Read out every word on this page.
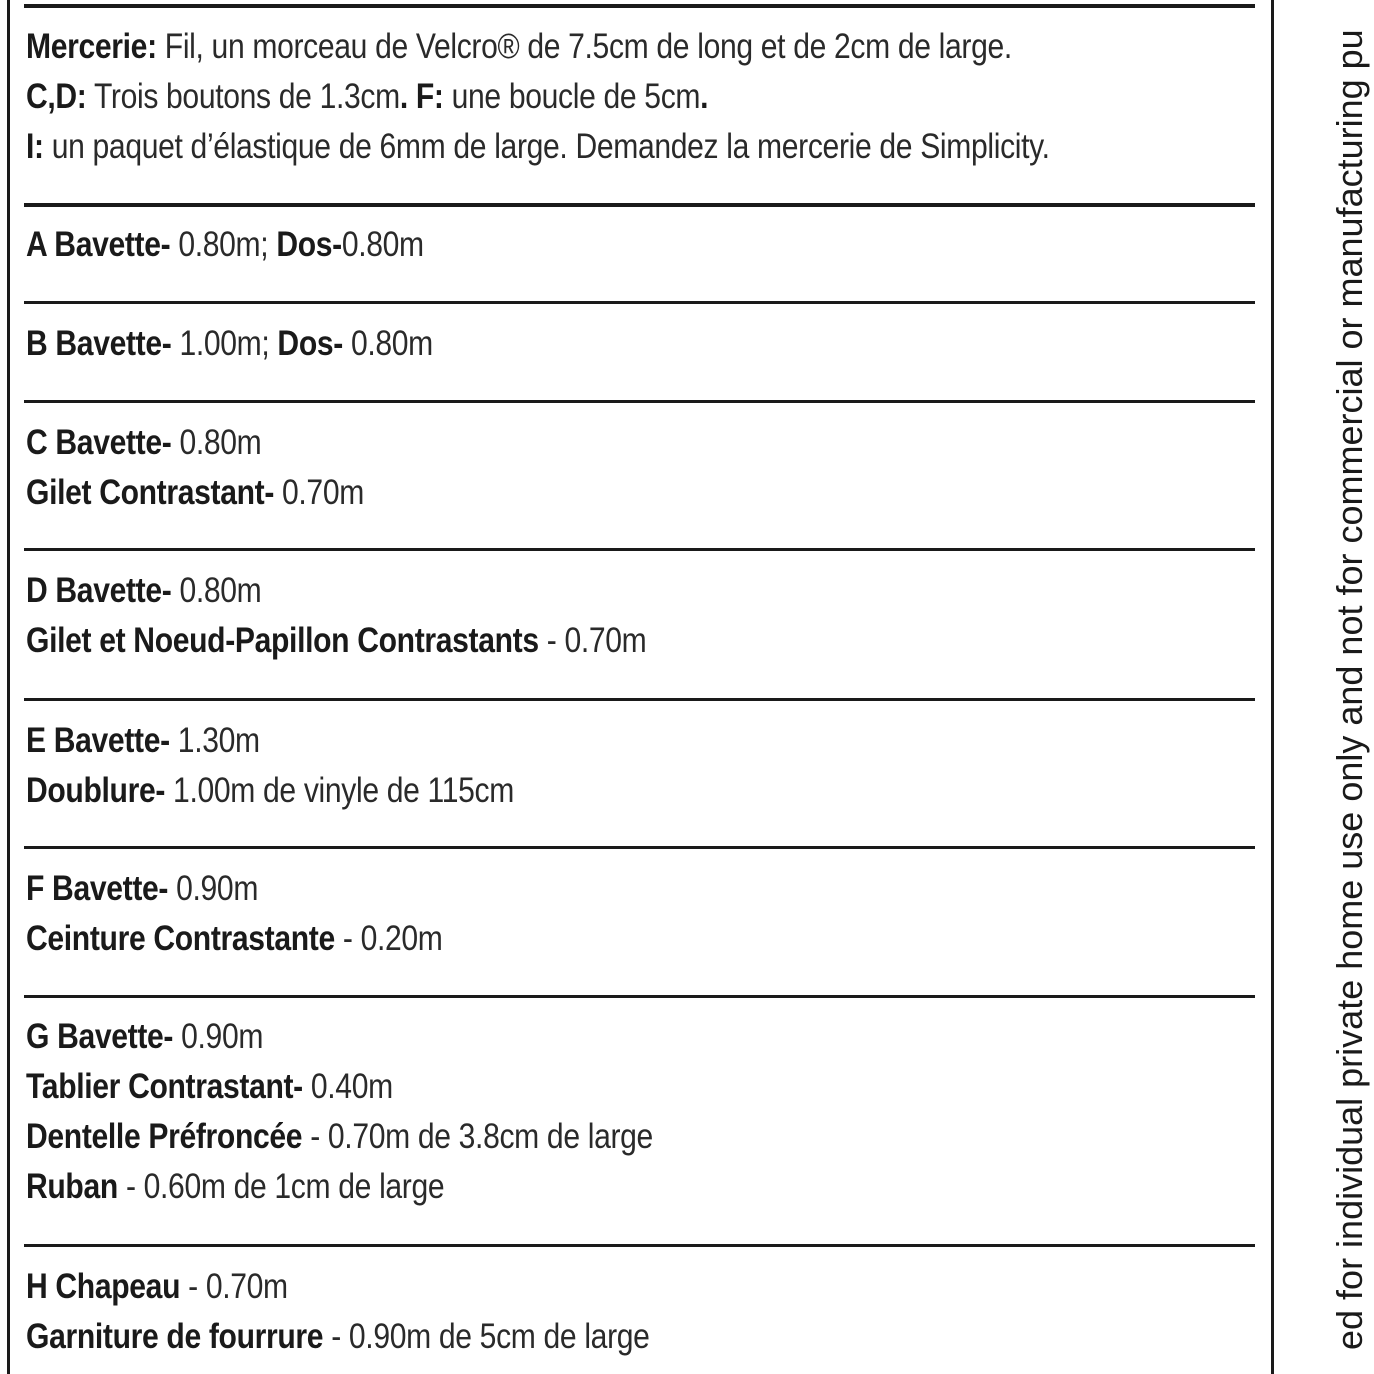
Mercerie: Fil, un morceau de Velcro® de 7.5cm de long et de 2cm de large.
C,D: Trois boutons de 1.3cm. F: une boucle de 5cm.
I: un paquet d’élastique de 6mm de large. Demandez la mercerie de Simplicity.
A Bavette- 0.80m; Dos-0.80m
B Bavette- 1.00m; Dos- 0.80m
C Bavette- 0.80m
Gilet Contrastant- 0.70m
D Bavette- 0.80m
Gilet et Noeud-Papillon Contrastants - 0.70m
E Bavette- 1.30m
Doublure- 1.00m de vinyle de 115cm
F Bavette- 0.90m
Ceinture Contrastante - 0.20m
G Bavette- 0.90m
Tablier Contrastant- 0.40m
Dentelle Préfroncée - 0.70m de 3.8cm de large
Ruban - 0.60m de 1cm de large
H Chapeau - 0.70m
Garniture de fourrure - 0.90m de 5cm de large	ed for individual private home use only and not for commercial or manufacturing pu
